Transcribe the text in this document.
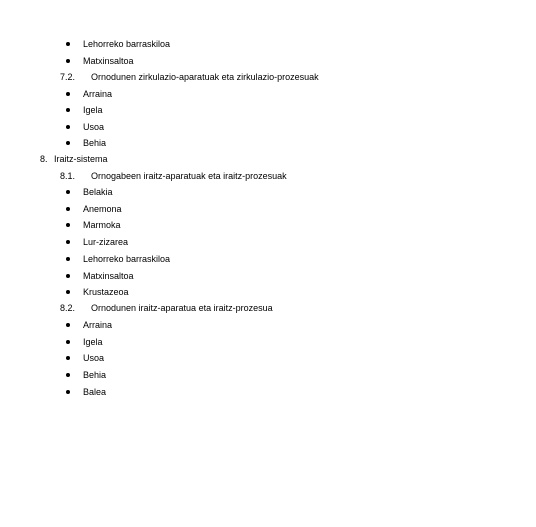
Lehorreko barraskiloa
Matxinsaltoa
7.2. Ornodunen zirkulazio-aparatuak eta zirkulazio-prozesuak
Arraina
Igela
Usoa
Behia
8. Iraitz-sistema
8.1. Ornogabeen iraitz-aparatuak eta iraitz-prozesuak
Belakia
Anemona
Marmoka
Lur-zizarea
Lehorreko barraskiloa
Matxinsaltoa
Krustazeoa
8.2. Ornodunen iraitz-aparatua eta iraitz-prozesua
Arraina
Igela
Usoa
Behia
Balea
